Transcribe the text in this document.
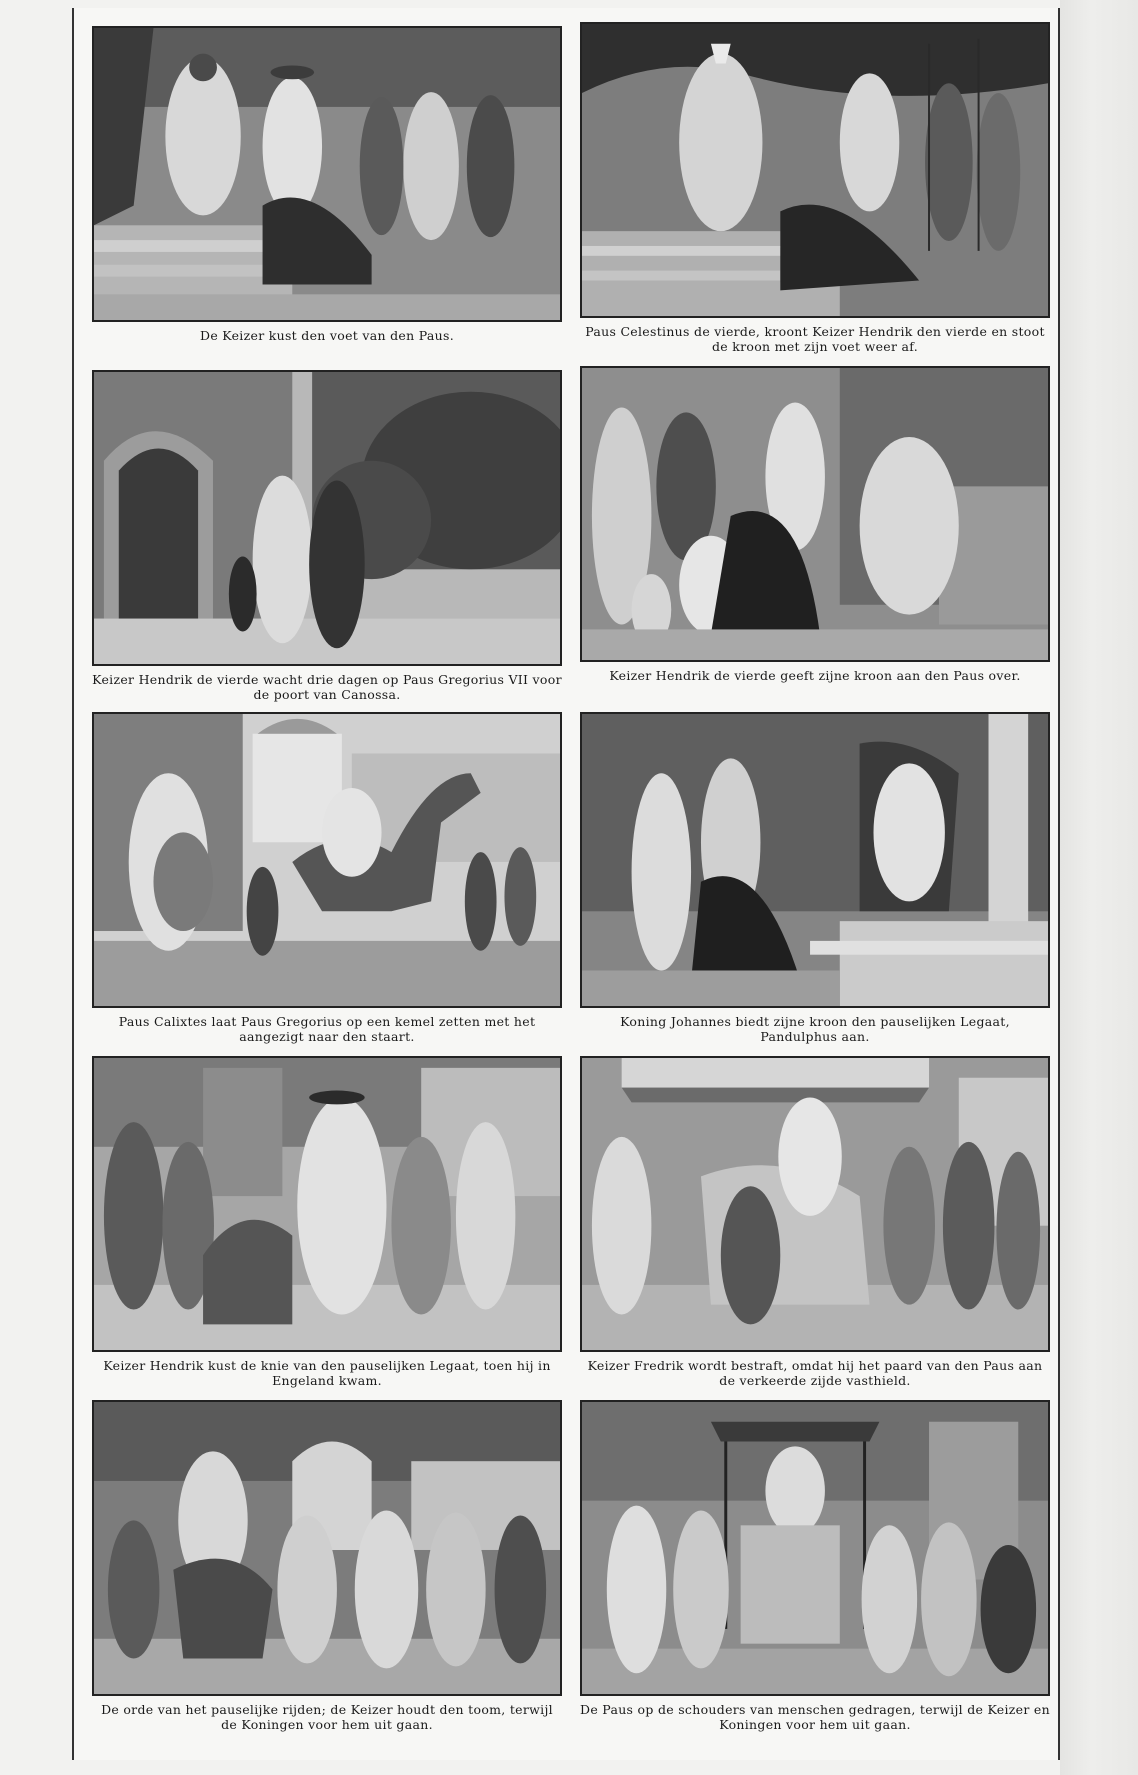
De Keizer kust den voet van den Paus.	Paus Celestinus de vierde, kroont Keizer Hendrik den vierde en stoot de kroon met zijn voet weer af.
Keizer Hendrik de vierde wacht drie dagen op Paus Gregorius VII voor de poort van Canossa.
Keizer Hendrik de vierde geeft zijne kroon aan den Paus over.
Paus Calixtes laat Paus Gregorius op een kemel zetten met het aangezigt naar den staart.
Koning Johannes biedt zijne kroon den pauselijken Legaat, Pandulphus aan.
Keizer Hendrik kust de knie van den pauselijken Legaat, toen hij in Engeland kwam.
Keizer Fredrik wordt bestraft, omdat hij het paard van den Paus aan de verkeerde zijde vasthield.
De orde van het pauselijke rijden; de Keizer houdt den toom, terwijl de Koningen voor hem uit gaan.
De Paus op de schouders van menschen gedragen, terwijl de Keizer en Koningen voor hem uit gaan.
